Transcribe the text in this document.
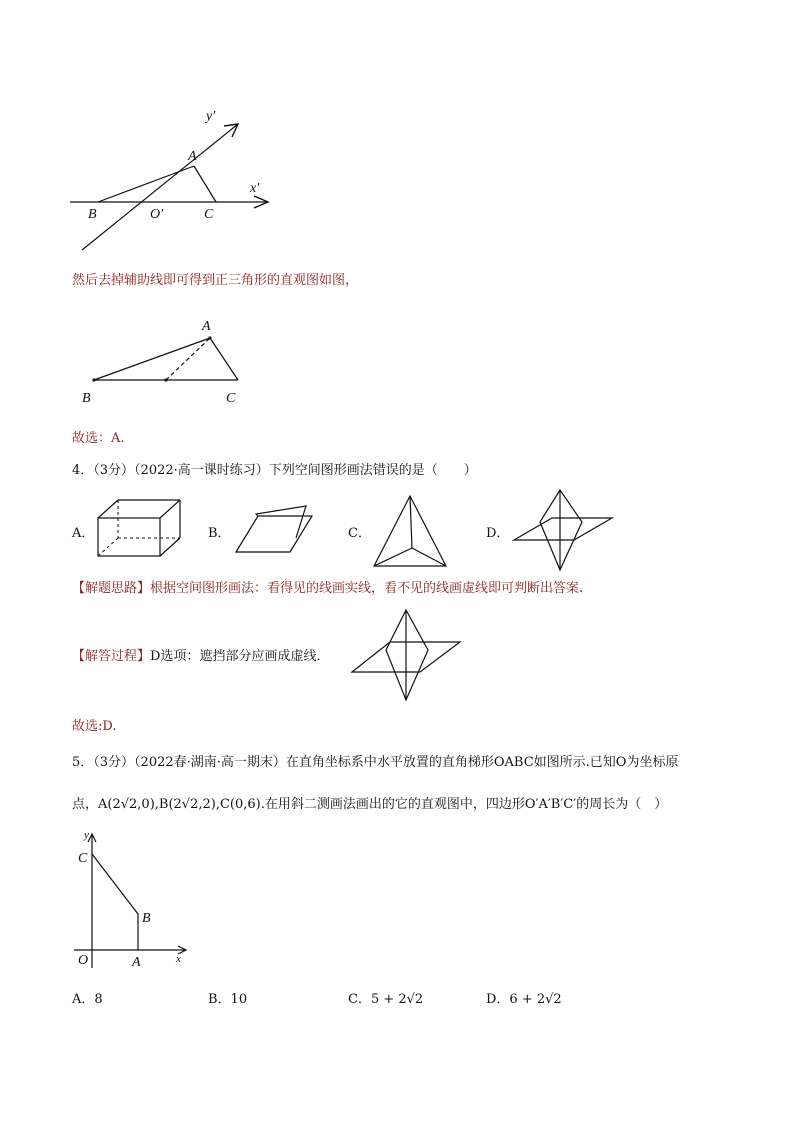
y′
x′
A
B	O′	C
然后去掉辅助线即可得到正三角形的直观图如图，
A
B	C
故选：A.
4．（3分）（2022·高一课时练习）下列空间图形画法错误的是（　　）
A．	B．	C．	D．
【解题思路】根据空间图形画法：看得见的线画实线，看不见的线画虚线即可判断出答案.
【解答过程】D选项：遮挡部分应画成虚线．
故选:D.
5．（3分）（2022春·湖南·高一期末）在直角坐标系中水平放置的直角梯形OABC如图所示.已知O为坐标原
点，A(2√2,0),B(2√2,2),C(0,6).在用斜二测画法画出的它的直观图中，四边形O′A′B′C′的周长为（　）
y
x
C
B
O	A
A．8	B．10	C．5 + 2√2	D．6 + 2√2
